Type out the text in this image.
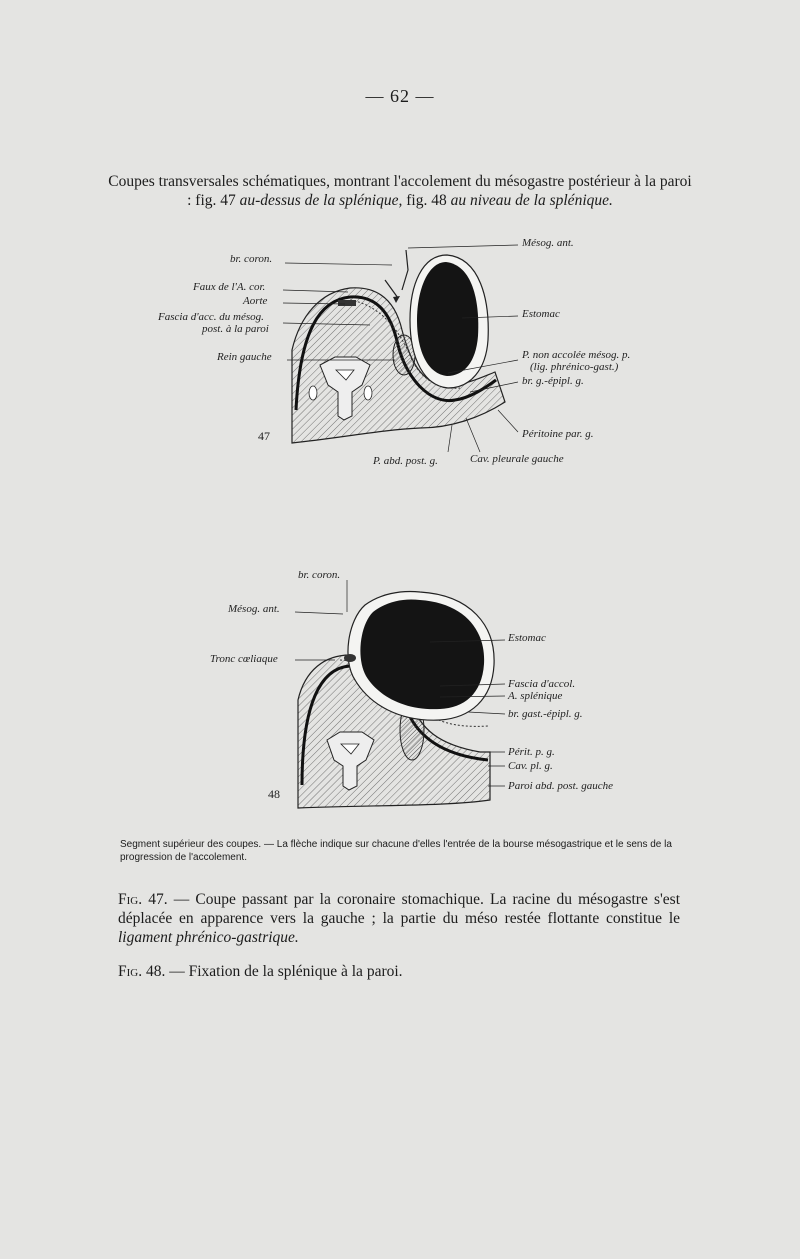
— 62 —
Coupes transversales schématiques, montrant l'accolement du mésogastre postérieur à la paroi : fig. 47 au-dessus de la splénique, fig. 48 au niveau de la splénique.
br. coron.
Faux de l'A. cor.
Aorte
Fascia d'acc. du mésog.
post. à la paroi
Rein gauche
Mésog. ant.
Estomac
P. non accolée mésog. p.
(lig. phrénico-gast.)
br. g.-épipl. g.
Péritoine par. g.
P. abd. post. g.	Cav. pleurale gauche
47
br. coron.
Mésog. ant.
Tronc cœliaque
Estomac
Fascia d'accol.
A. splénique
br. gast.-épipl. g.
Périt. p. g.
Cav. pl. g.
Paroi abd. post. gauche
48
Segment supérieur des coupes. — La flèche indique sur chacune d'elles l'entrée de la bourse mésogastrique et le sens de la progression de l'accolement.
Fig. 47. — Coupe passant par la coronaire stomachique. La racine du mésogastre s'est déplacée en apparence vers la gauche ; la partie du méso restée flottante constitue le ligament phrénico-gastrique.
Fig. 48. — Fixation de la splénique à la paroi.
